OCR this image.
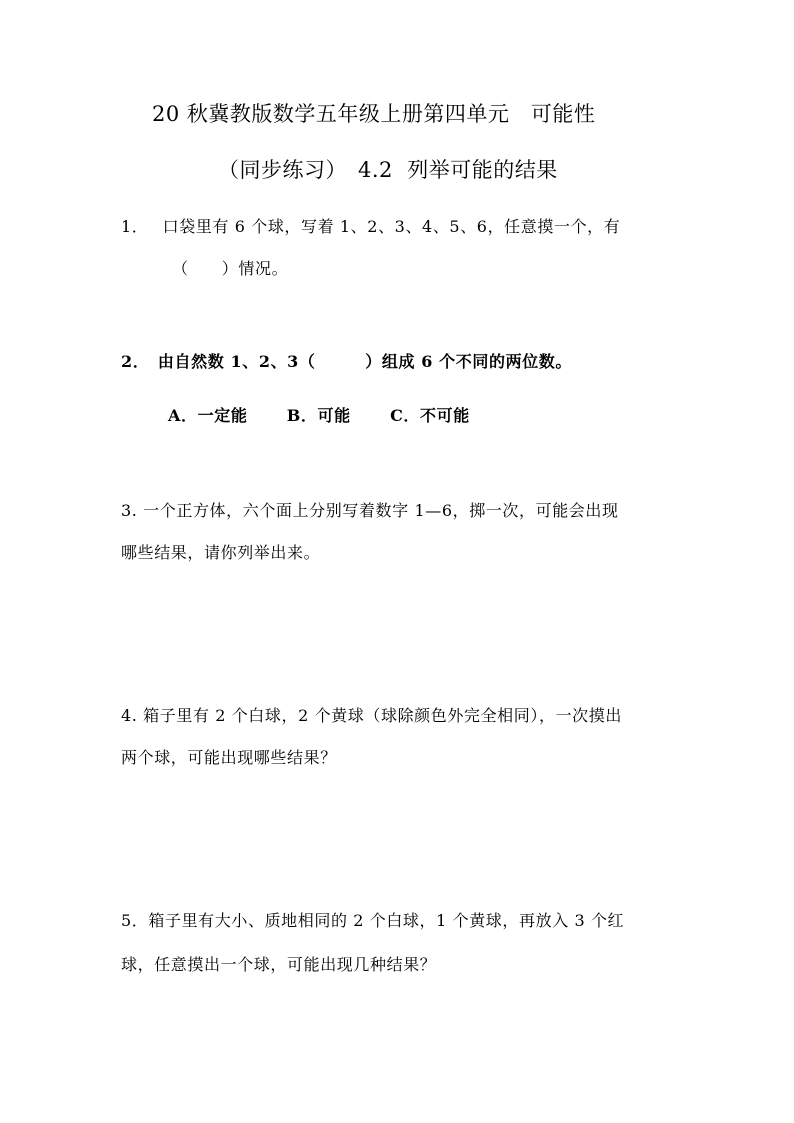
20 秋冀教版数学五年级上册第四单元　可能性
（同步练习）　4.2  列举可能的结果
1．　 口袋里有 6 个球，写着 1、2、3、4、5、6，任意摸一个，有
（　　）情况。
2．　由自然数 1、2、3（　　　）组成 6 个不同的两位数。
A．一定能　　 B．可能　　 C．不可能
3. 一个正方体，六个面上分别写着数字 1—6，掷一次，可能会出现
哪些结果，请你列举出来。
4. 箱子里有 2 个白球，2 个黄球（球除颜色外完全相同），一次摸出
两个球，可能出现哪些结果？
5．箱子里有大小、质地相同的 2 个白球，1 个黄球，再放入 3 个红
球，任意摸出一个球，可能出现几种结果？
